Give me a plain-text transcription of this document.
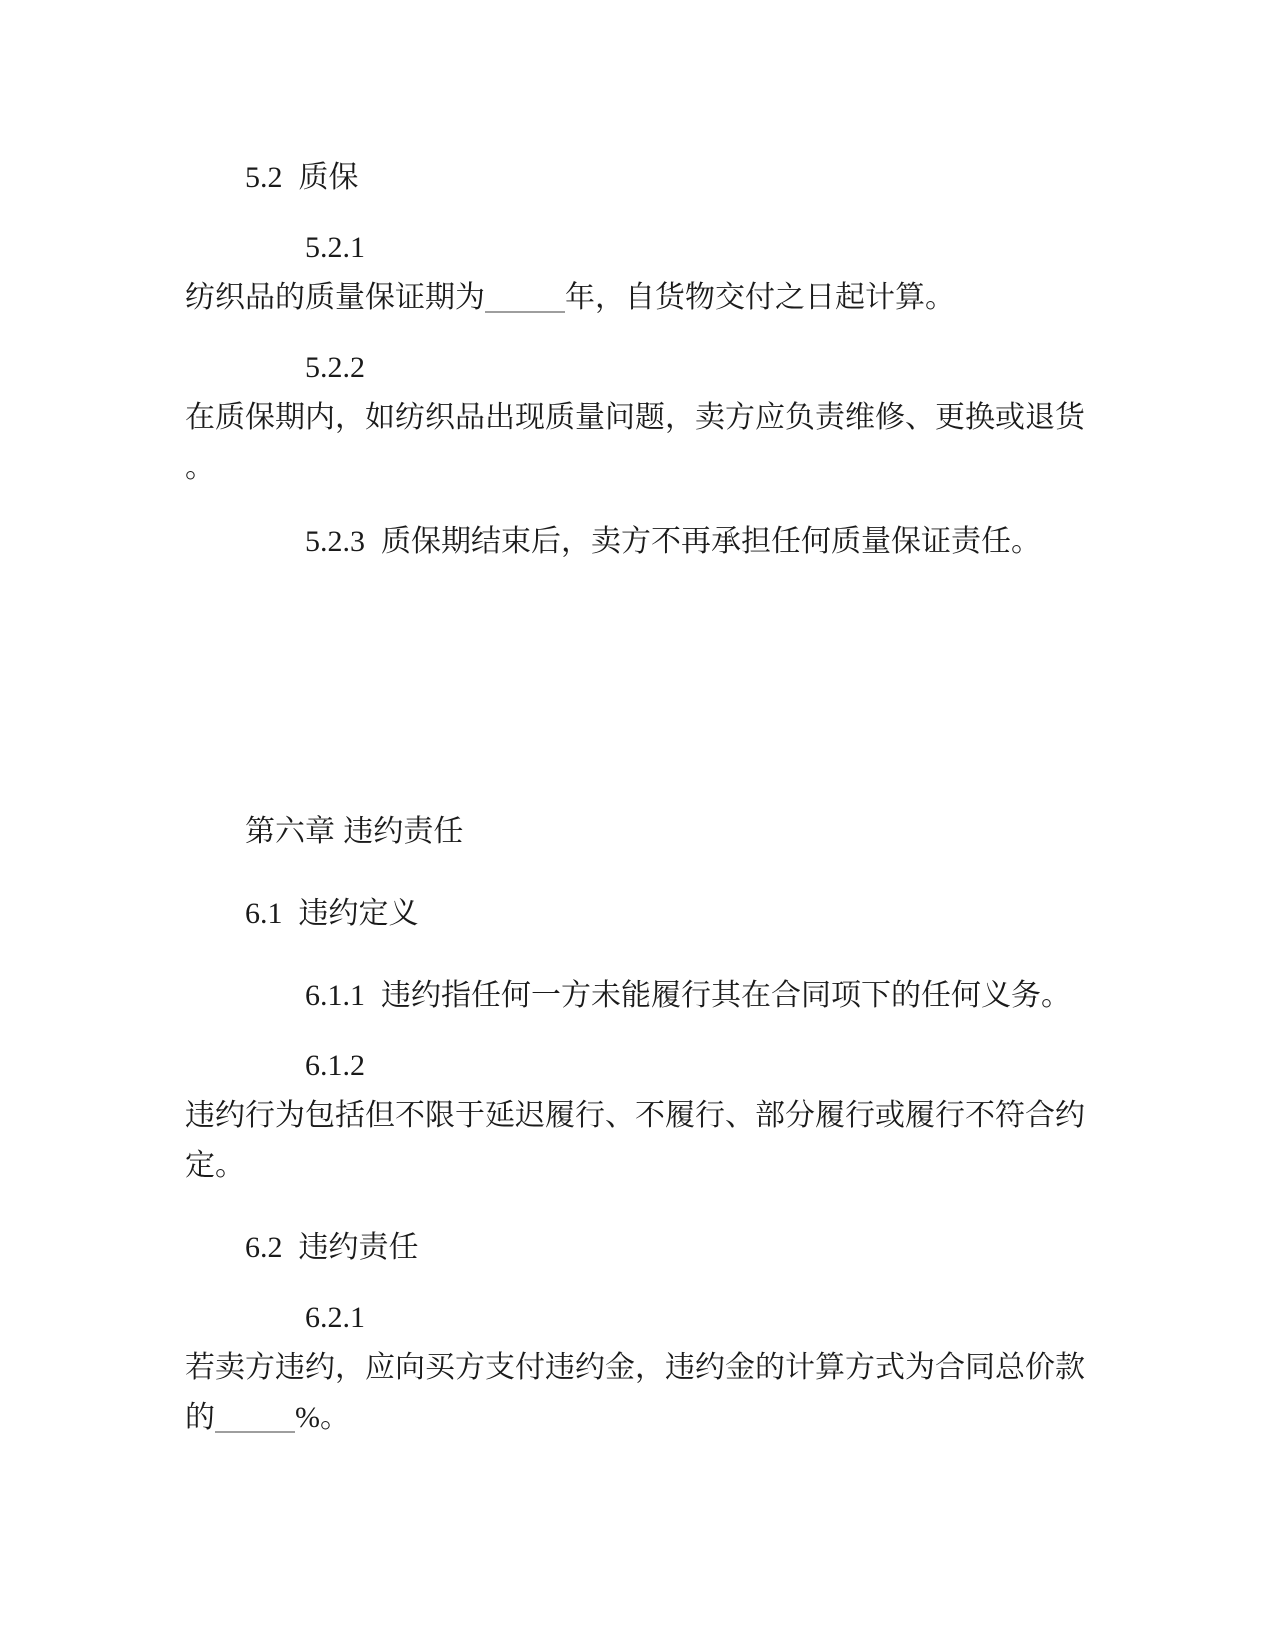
5.2 质保
5.2.1
纺织品的质量保证期为	年，自货物交付之日起计算。
5.2.2
在质保期内，如纺织品出现质量问题，卖方应负责维修、更换或退货
。
5.2.3 质保期结束后，卖方不再承担任何质量保证责任。
第六章 违约责任
6.1 违约定义
6.1.1 违约指任何一方未能履行其在合同项下的任何义务。
6.1.2
违约行为包括但不限于延迟履行、不履行、部分履行或履行不符合约
定。
6.2 违约责任
6.2.1
若卖方违约，应向买方支付违约金，违约金的计算方式为合同总价款
的	%。
